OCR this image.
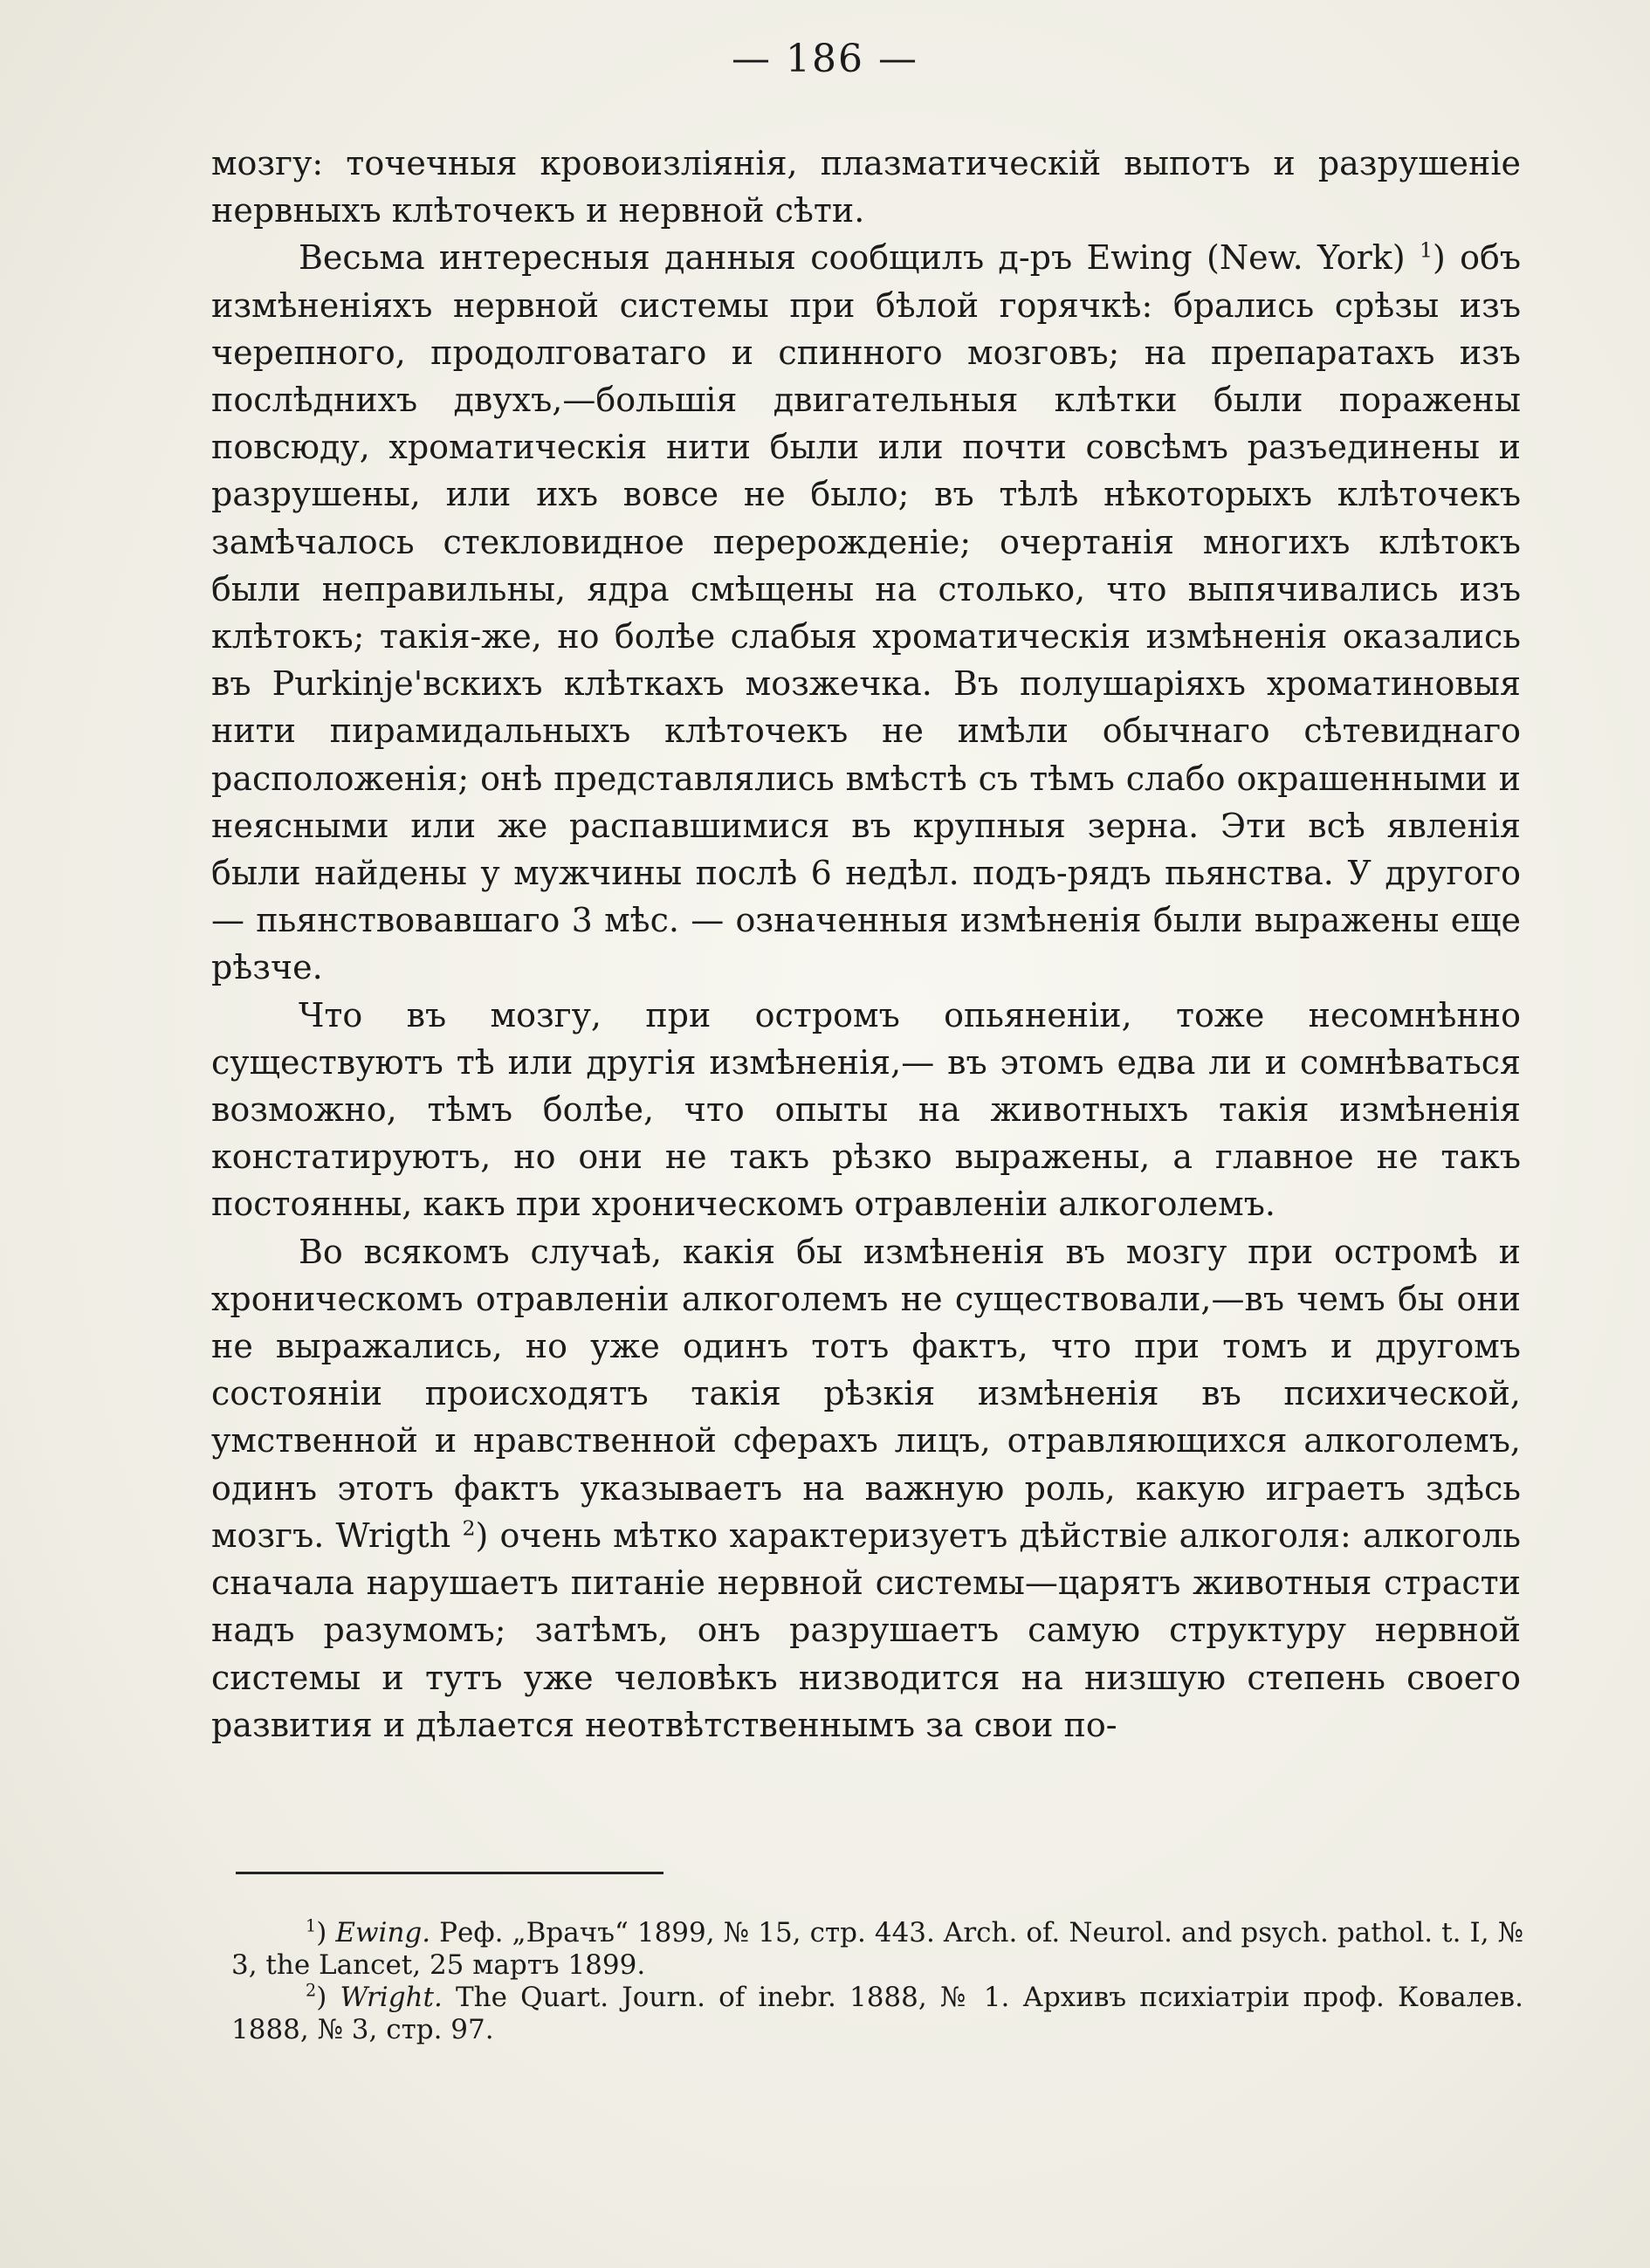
— 186 —

мозгу: точечныя кровоизлiянiя, плазматическiй выпотъ и разрушенiе нервныхъ клѣточекъ и нервной сѣти.

Весьма интересныя данныя сообщилъ д-ръ Ewing (New. York) $^1$) объ измѣненiяхъ нервной системы при бѣлой горячкѣ: брались срѣзы изъ черепного, продолговатаго и спинного мозговъ; на препаратахъ изъ послѣднихъ двухъ,—большiя двигательныя клѣтки были поражены повсюду, хроматическiя нити были или почти совсѣмъ разъединены и разрушены, или ихъ вовсе не было; въ тѣлѣ нѣкоторыхъ клѣточекъ замѣчалось стекловидное перерожденiе; очертанiя многихъ клѣтокъ были неправильны, ядра смѣщены на столько, что выпячивались изъ клѣтокъ; такiя-же, но болѣе слабыя хроматическiя измѣненiя оказались въ Purkinje'вскихъ клѣткахъ мозжечка. Въ полушарiяхъ хроматиновыя нити пирамидальныхъ клѣточекъ не имѣли обычнаго сѣтевиднаго расположенiя; онѣ представлялись вмѣстѣ съ тѣмъ слабо окрашенными и неясными или же распавшимися въ крупныя зерна. Эти всѣ явленiя были найдены у мужчины послѣ 6 недѣл. подъ-рядъ пьянства. У другого — пьянствовавшаго 3 мѣс. — означенныя измѣненiя были выражены еще рѣзче.

Что въ мозгу, при остромъ опьяненiи, тоже несомнѣнно существуютъ тѣ или другiя измѣненiя,— въ этомъ едва ли и сомнѣваться возможно, тѣмъ болѣе, что опыты на животныхъ такiя измѣненiя констатируютъ, но они не такъ рѣзко выражены, а главное не такъ постоянны, какъ при хроническомъ отравленiи алкоголемъ.

Во всякомъ случаѣ, какiя бы измѣненiя въ мозгу при остромѣ и хроническомъ отравленiи алкоголемъ не существовали,—въ чемъ бы они не выражались, но уже одинъ тотъ фактъ, что при томъ и другомъ состоянiи происходятъ такiя рѣзкiя измѣненiя въ психической, умственной и нравственной сферахъ лицъ, отравляющихся алкоголемъ, одинъ этотъ фактъ указываетъ на важную роль, какую играетъ здѣсь мозгъ. Wrigth $^2$) очень мѣтко характеризуетъ дѣйствiе алкоголя: алкоголь сначала нарушаетъ питанiе нервной системы—царятъ животныя страсти надъ разумомъ; затѣмъ, онъ разрушаетъ самую структуру нервной системы и тутъ уже человѣкъ низводится на низшую степень своего развития и дѣлается неотвѣтственнымъ за свои по-

$^1$) Ewing. Реф. „Врачъ“ 1899, № 15, стр. 443. Arch. of. Neurol. and psych. pathol. t. I, № 3, the Lancet, 25 мартъ 1899.

$^2$) Wright. The Quart. Journ. of inebr. 1888, № 1. Архивъ психiатрiи проф. Ковалев. 1888, № 3, стр. 97.
